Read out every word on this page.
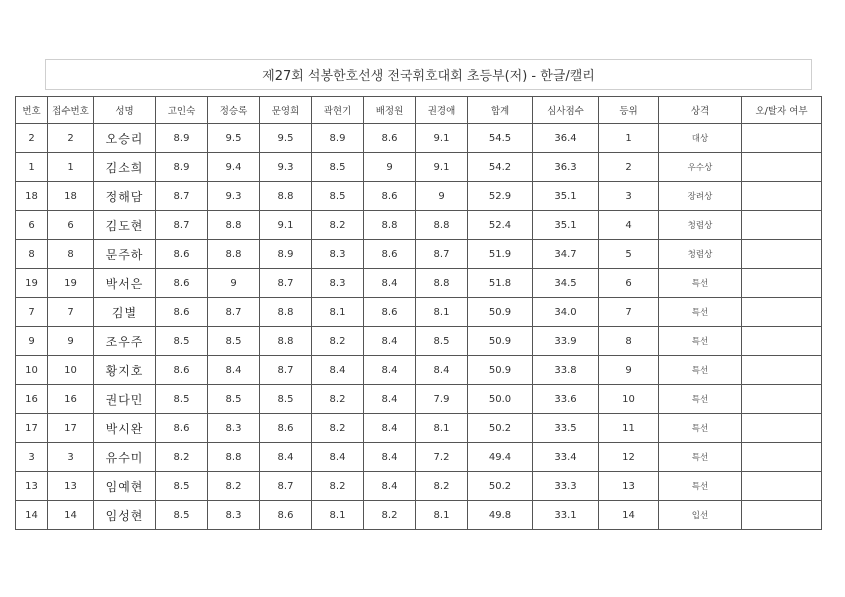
제27회 석봉한호선생 전국휘호대회 초등부(저) - 한글/캘리
번호	접수번호	성명	고인숙	정승록	문영희	곽현기	배정원	권경애	합계	심사점수	등위	상격	오/탈자 여부
2	2	오승리	8.9	9.5	9.5	8.9	8.6	9.1	54.5	36.4	1	대상	
1	1	김소희	8.9	9.4	9.3	8.5	9	9.1	54.2	36.3	2	우수상	
18	18	정해담	8.7	9.3	8.8	8.5	8.6	9	52.9	35.1	3	장려상	
6	6	김도현	8.7	8.8	9.1	8.2	8.8	8.8	52.4	35.1	4	청렴상	
8	8	문주하	8.6	8.8	8.9	8.3	8.6	8.7	51.9	34.7	5	청렴상	
19	19	박서은	8.6	9	8.7	8.3	8.4	8.8	51.8	34.5	6	특선	
7	7	김별	8.6	8.7	8.8	8.1	8.6	8.1	50.9	34.0	7	특선	
9	9	조우주	8.5	8.5	8.8	8.2	8.4	8.5	50.9	33.9	8	특선	
10	10	황지호	8.6	8.4	8.7	8.4	8.4	8.4	50.9	33.8	9	특선	
16	16	권다민	8.5	8.5	8.5	8.2	8.4	7.9	50.0	33.6	10	특선	
17	17	박시완	8.6	8.3	8.6	8.2	8.4	8.1	50.2	33.5	11	특선	
3	3	유수미	8.2	8.8	8.4	8.4	8.4	7.2	49.4	33.4	12	특선	
13	13	임예현	8.5	8.2	8.7	8.2	8.4	8.2	50.2	33.3	13	특선	
14	14	임성현	8.5	8.3	8.6	8.1	8.2	8.1	49.8	33.1	14	입선	
